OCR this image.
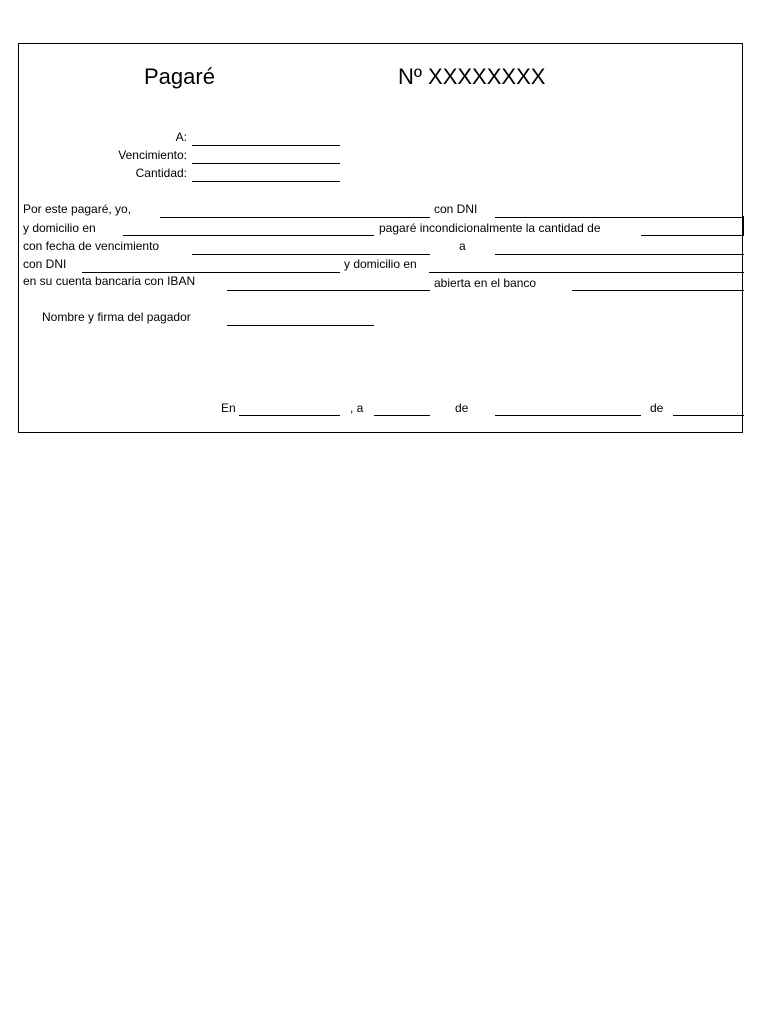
Pagaré	Nº XXXXXXXX
A:
Vencimiento:
Cantidad:
Por este pagaré, yo,	con DNI
y domicilio en	pagaré incondicionalmente la cantidad de
con fecha de vencimiento	a
con DNI	y domicilio en
en su cuenta bancaria con IBAN	abierta en el banco
Nombre y firma del pagador
En	, a	de	de
